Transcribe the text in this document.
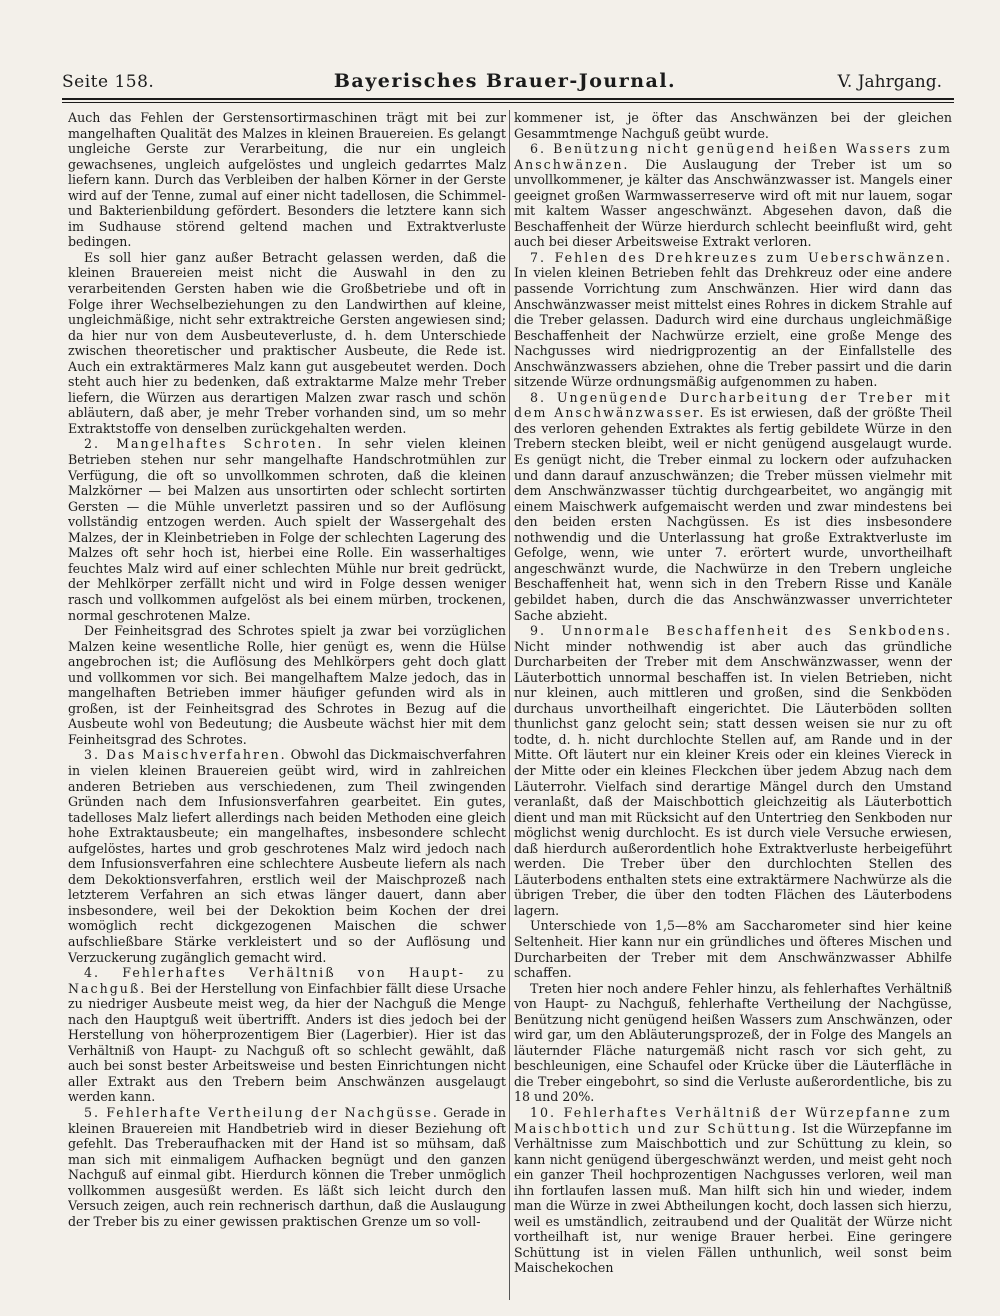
Seite 158.	Bayerisches Brauer-Journal.	V. Jahrgang.

Auch das Fehlen der Gerstensortirmaschinen trägt mit bei zur mangelhaften Qualität des Malzes in kleinen Brauereien. Es gelangt ungleiche Gerste zur Verarbeitung, die nur ein ungleich gewachsenes, ungleich aufgelöstes und ungleich gedarrtes Malz liefern kann. Durch das Verbleiben der halben Körner in der Gerste wird auf der Tenne, zumal auf einer nicht tadellosen, die Schimmel- und Bakterienbildung gefördert. Besonders die letztere kann sich im Sudhause störend geltend machen und Extraktverluste bedingen.

Es soll hier ganz außer Betracht gelassen werden, daß die kleinen Brauereien meist nicht die Auswahl in den zu verarbeitenden Gersten haben wie die Großbetriebe und oft in Folge ihrer Wechselbeziehungen zu den Landwirthen auf kleine, ungleichmäßige, nicht sehr extraktreiche Gersten angewiesen sind; da hier nur von dem Ausbeuteverluste, d. h. dem Unterschiede zwischen theoretischer und praktischer Ausbeute, die Rede ist. Auch ein extraktärmeres Malz kann gut ausgebeutet werden. Doch steht auch hier zu bedenken, daß extraktarme Malze mehr Treber liefern, die Würzen aus derartigen Malzen zwar rasch und schön abläutern, daß aber, je mehr Treber vorhanden sind, um so mehr Extraktstoffe von denselben zurückgehalten werden.

2. Mangelhaftes Schroten. In sehr vielen kleinen Betrieben stehen nur sehr mangelhafte Handschrotmühlen zur Verfügung, die oft so unvollkommen schroten, daß die kleinen Malzkörner — bei Malzen aus unsortirten oder schlecht sortirten Gersten — die Mühle unverletzt passiren und so der Auflösung vollständig entzogen werden. Auch spielt der Wassergehalt des Malzes, der in Kleinbetrieben in Folge der schlechten Lagerung des Malzes oft sehr hoch ist, hierbei eine Rolle. Ein wasserhaltiges feuchtes Malz wird auf einer schlechten Mühle nur breit gedrückt, der Mehlkörper zerfällt nicht und wird in Folge dessen weniger rasch und vollkommen aufgelöst als bei einem mürben, trockenen, normal geschrotenen Malze.

Der Feinheitsgrad des Schrotes spielt ja zwar bei vorzüglichen Malzen keine wesentliche Rolle, hier genügt es, wenn die Hülse angebrochen ist; die Auflösung des Mehlkörpers geht doch glatt und vollkommen vor sich. Bei mangelhaftem Malze jedoch, das in mangelhaften Betrieben immer häufiger gefunden wird als in großen, ist der Feinheitsgrad des Schrotes in Bezug auf die Ausbeute wohl von Bedeutung; die Ausbeute wächst hier mit dem Feinheitsgrad des Schrotes.

3. Das Maischverfahren. Obwohl das Dickmaischverfahren in vielen kleinen Brauereien geübt wird, wird in zahlreichen anderen Betrieben aus verschiedenen, zum Theil zwingenden Gründen nach dem Infusionsverfahren gearbeitet. Ein gutes, tadelloses Malz liefert allerdings nach beiden Methoden eine gleich hohe Extraktausbeute; ein mangelhaftes, insbesondere schlecht aufgelöstes, hartes und grob geschrotenes Malz wird jedoch nach dem Infusionsverfahren eine schlechtere Ausbeute liefern als nach dem Dekoktionsverfahren, erstlich weil der Maischprozeß nach letzterem Verfahren an sich etwas länger dauert, dann aber insbesondere, weil bei der Dekoktion beim Kochen der drei womöglich recht dickgezogenen Maischen die schwer aufschließbare Stärke verkleistert und so der Auflösung und Verzuckerung zugänglich gemacht wird.

4. Fehlerhaftes Verhältniß von Haupt- zu Nachguß. Bei der Herstellung von Einfachbier fällt diese Ursache zu niedriger Ausbeute meist weg, da hier der Nachguß die Menge nach den Hauptguß weit übertrifft. Anders ist dies jedoch bei der Herstellung von höherprozentigem Bier (Lagerbier). Hier ist das Verhältniß von Haupt- zu Nachguß oft so schlecht gewählt, daß auch bei sonst bester Arbeitsweise und besten Einrichtungen nicht aller Extrakt aus den Trebern beim Anschwänzen ausgelaugt werden kann.

5. Fehlerhafte Vertheilung der Nachgüsse. Gerade in kleinen Brauereien mit Handbetrieb wird in dieser Beziehung oft gefehlt. Das Treberaufhacken mit der Hand ist so mühsam, daß man sich mit einmaligem Aufhacken begnügt und den ganzen Nachguß auf einmal gibt. Hierdurch können die Treber unmöglich vollkommen ausgesüßt werden. Es läßt sich leicht durch den Versuch zeigen, auch rein rechnerisch darthun, daß die Auslaugung der Treber bis zu einer gewissen praktischen Grenze um so voll-

kommener ist, je öfter das Anschwänzen bei der gleichen Gesammtmenge Nachguß geübt wurde.

6. Benützung nicht genügend heißen Wassers zum Anschwänzen. Die Auslaugung der Treber ist um so unvollkommener, je kälter das Anschwänzwasser ist. Mangels einer geeignet großen Warmwasserreserve wird oft mit nur lauem, sogar mit kaltem Wasser angeschwänzt. Abgesehen davon, daß die Beschaffenheit der Würze hierdurch schlecht beeinflußt wird, geht auch bei dieser Arbeitsweise Extrakt verloren.

7. Fehlen des Drehkreuzes zum Ueberschwänzen. In vielen kleinen Betrieben fehlt das Drehkreuz oder eine andere passende Vorrichtung zum Anschwänzen. Hier wird dann das Anschwänzwasser meist mittelst eines Rohres in dickem Strahle auf die Treber gelassen. Dadurch wird eine durchaus ungleichmäßige Beschaffenheit der Nachwürze erzielt, eine große Menge des Nachgusses wird niedrigprozentig an der Einfallstelle des Anschwänzwassers abziehen, ohne die Treber passirt und die darin sitzende Würze ordnungsmäßig aufgenommen zu haben.

8. Ungenügende Durcharbeitung der Treber mit dem Anschwänzwasser. Es ist erwiesen, daß der größte Theil des verloren gehenden Extraktes als fertig gebildete Würze in den Trebern stecken bleibt, weil er nicht genügend ausgelaugt wurde. Es genügt nicht, die Treber einmal zu lockern oder aufzuhacken und dann darauf anzuschwänzen; die Treber müssen vielmehr mit dem Anschwänzwasser tüchtig durchgearbeitet, wo angängig mit einem Maischwerk aufgemaischt werden und zwar mindestens bei den beiden ersten Nachgüssen. Es ist dies insbesondere nothwendig und die Unterlassung hat große Extraktverluste im Gefolge, wenn, wie unter 7. erörtert wurde, unvortheilhaft angeschwänzt wurde, die Nachwürze in den Trebern ungleiche Beschaffenheit hat, wenn sich in den Trebern Risse und Kanäle gebildet haben, durch die das Anschwänzwasser unverrichteter Sache abzieht.

9. Unnormale Beschaffenheit des Senkbodens. Nicht minder nothwendig ist aber auch das gründliche Durcharbeiten der Treber mit dem Anschwänzwasser, wenn der Läuterbottich unnormal beschaffen ist. In vielen Betrieben, nicht nur kleinen, auch mittleren und großen, sind die Senkböden durchaus unvortheilhaft eingerichtet. Die Läuterböden sollten thunlichst ganz gelocht sein; statt dessen weisen sie nur zu oft todte, d. h. nicht durchlochte Stellen auf, am Rande und in der Mitte. Oft läutert nur ein kleiner Kreis oder ein kleines Viereck in der Mitte oder ein kleines Fleckchen über jedem Abzug nach dem Läuterrohr. Vielfach sind derartige Mängel durch den Umstand veranlaßt, daß der Maischbottich gleichzeitig als Läuterbottich dient und man mit Rücksicht auf den Untertrieg den Senkboden nur möglichst wenig durchlocht. Es ist durch viele Versuche erwiesen, daß hierdurch außerordentlich hohe Extraktverluste herbeigeführt werden. Die Treber über den durchlochten Stellen des Läuterbodens enthalten stets eine extraktärmere Nachwürze als die übrigen Treber, die über den todten Flächen des Läuterbodens lagern.

Unterschiede von 1,5—8% am Saccharometer sind hier keine Seltenheit. Hier kann nur ein gründliches und öfteres Mischen und Durcharbeiten der Treber mit dem Anschwänzwasser Abhilfe schaffen.

Treten hier noch andere Fehler hinzu, als fehlerhaftes Verhältniß von Haupt- zu Nachguß, fehlerhafte Vertheilung der Nachgüsse, Benützung nicht genügend heißen Wassers zum Anschwänzen, oder wird gar, um den Abläuterungsprozeß, der in Folge des Mangels an läuternder Fläche naturgemäß nicht rasch vor sich geht, zu beschleunigen, eine Schaufel oder Krücke über die Läuterfläche in die Treber eingebohrt, so sind die Verluste außerordentliche, bis zu 18 und 20%.

10. Fehlerhaftes Verhältniß der Würzepfanne zum Maischbottich und zur Schüttung. Ist die Würzepfanne im Verhältnisse zum Maischbottich und zur Schüttung zu klein, so kann nicht genügend übergeschwänzt werden, und meist geht noch ein ganzer Theil hochprozentigen Nachgusses verloren, weil man ihn fortlaufen lassen muß. Man hilft sich hin und wieder, indem man die Würze in zwei Abtheilungen kocht, doch lassen sich hierzu, weil es umständlich, zeitraubend und der Qualität der Würze nicht vortheilhaft ist, nur wenige Brauer herbei. Eine geringere Schüttung ist in vielen Fällen unthunlich, weil sonst beim Maischekochen
